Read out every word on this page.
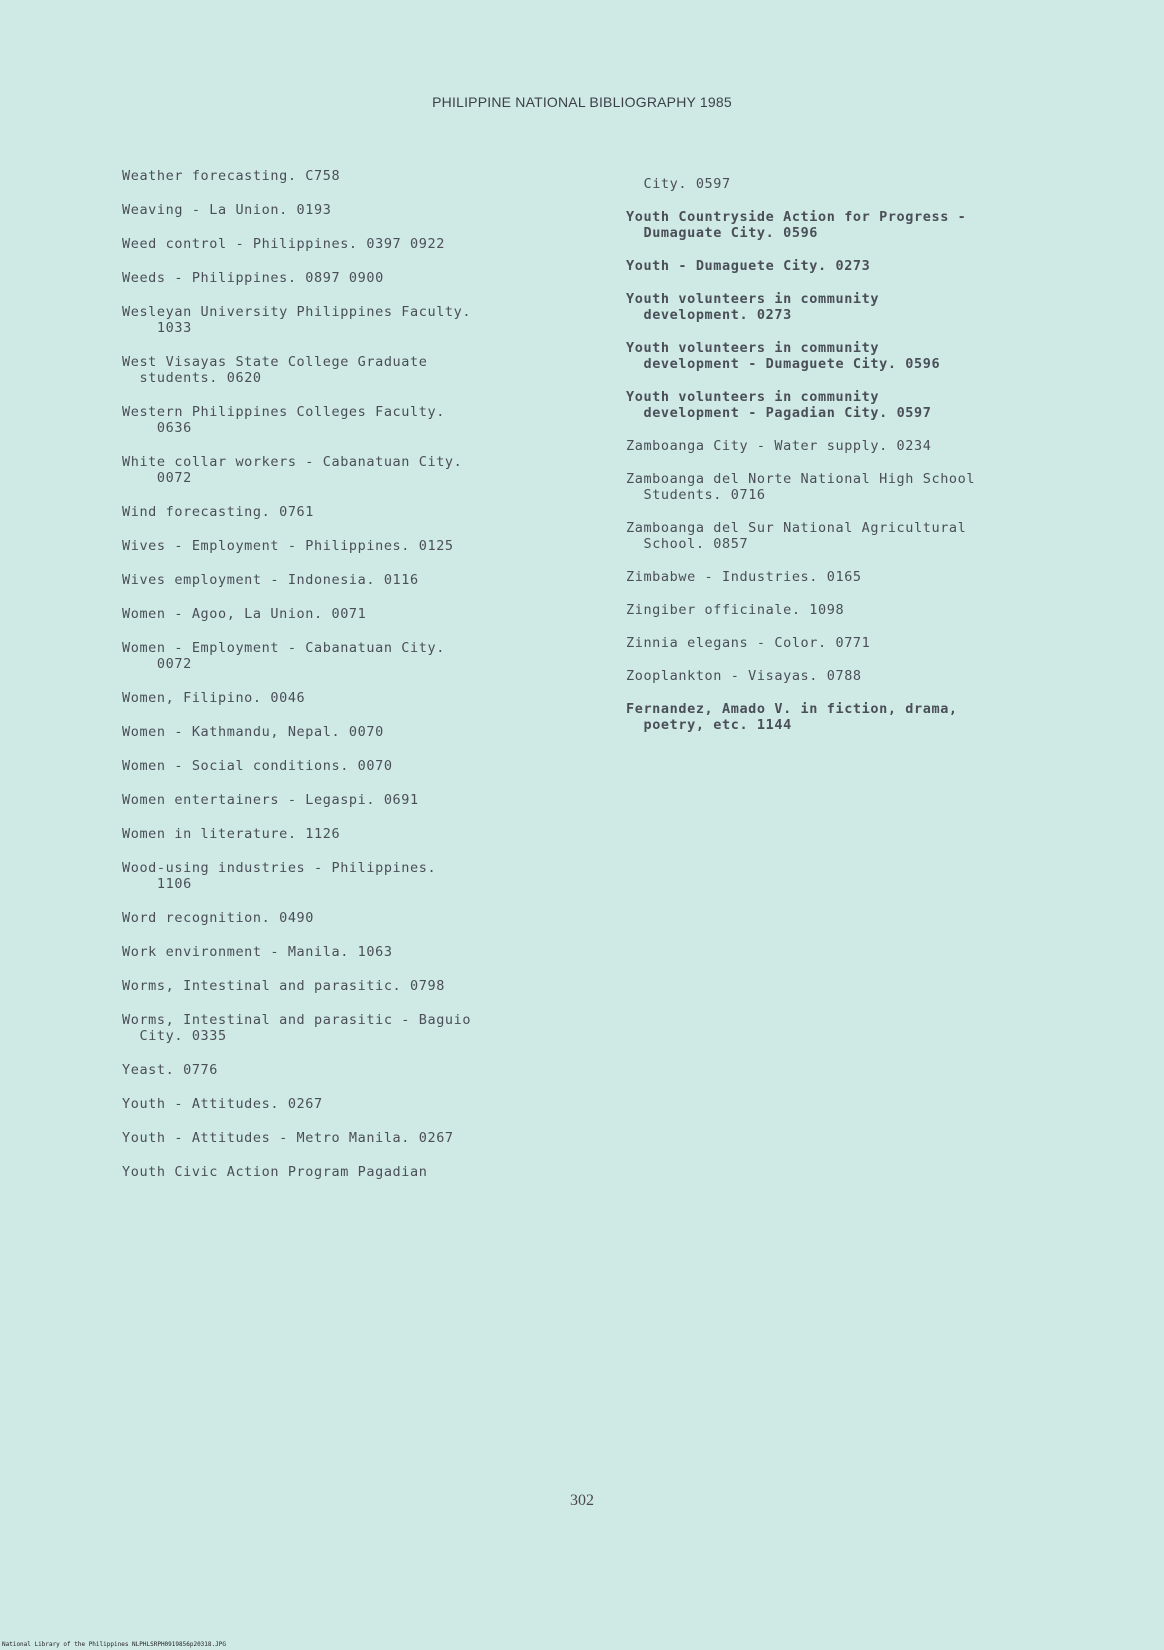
PHILIPPINE NATIONAL BIBLIOGRAPHY 1985
Weather forecasting. C758
Weaving - La Union. 0193
Weed control - Philippines. 0397 0922
Weeds - Philippines. 0897 0900
Wesleyan University Philippines Faculty.
1033
West Visayas State College Graduate
students. 0620
Western Philippines Colleges Faculty.
0636
White collar workers - Cabanatuan City.
0072
Wind forecasting. 0761
Wives - Employment - Philippines. 0125
Wives employment - Indonesia. 0116
Women - Agoo, La Union. 0071
Women - Employment - Cabanatuan City.
0072
Women, Filipino. 0046
Women - Kathmandu, Nepal. 0070
Women - Social conditions. 0070
Women entertainers - Legaspi. 0691
Women in literature. 1126
Wood-using industries - Philippines.
1106
Word recognition. 0490
Work environment - Manila. 1063
Worms, Intestinal and parasitic. 0798
Worms, Intestinal and parasitic - Baguio
City. 0335
Yeast. 0776
Youth - Attitudes. 0267
Youth - Attitudes - Metro Manila. 0267
Youth Civic Action Program Pagadian
City. 0597
Youth Countryside Action for Progress -
Dumaguate City. 0596
Youth - Dumaguete City. 0273
Youth volunteers in community
development. 0273
Youth volunteers in community
development - Dumaguete City. 0596
Youth volunteers in community
development - Pagadian City. 0597
Zamboanga City - Water supply. 0234
Zamboanga del Norte National High School
Students. 0716
Zamboanga del Sur National Agricultural
School. 0857
Zimbabwe - Industries. 0165
Zingiber officinale. 1098
Zinnia elegans - Color. 0771
Zooplankton - Visayas. 0788
Fernandez, Amado V. in fiction, drama,
poetry, etc. 1144
302
National Library of the Philippines NLPHLSRPH0919856p20318.JPG
